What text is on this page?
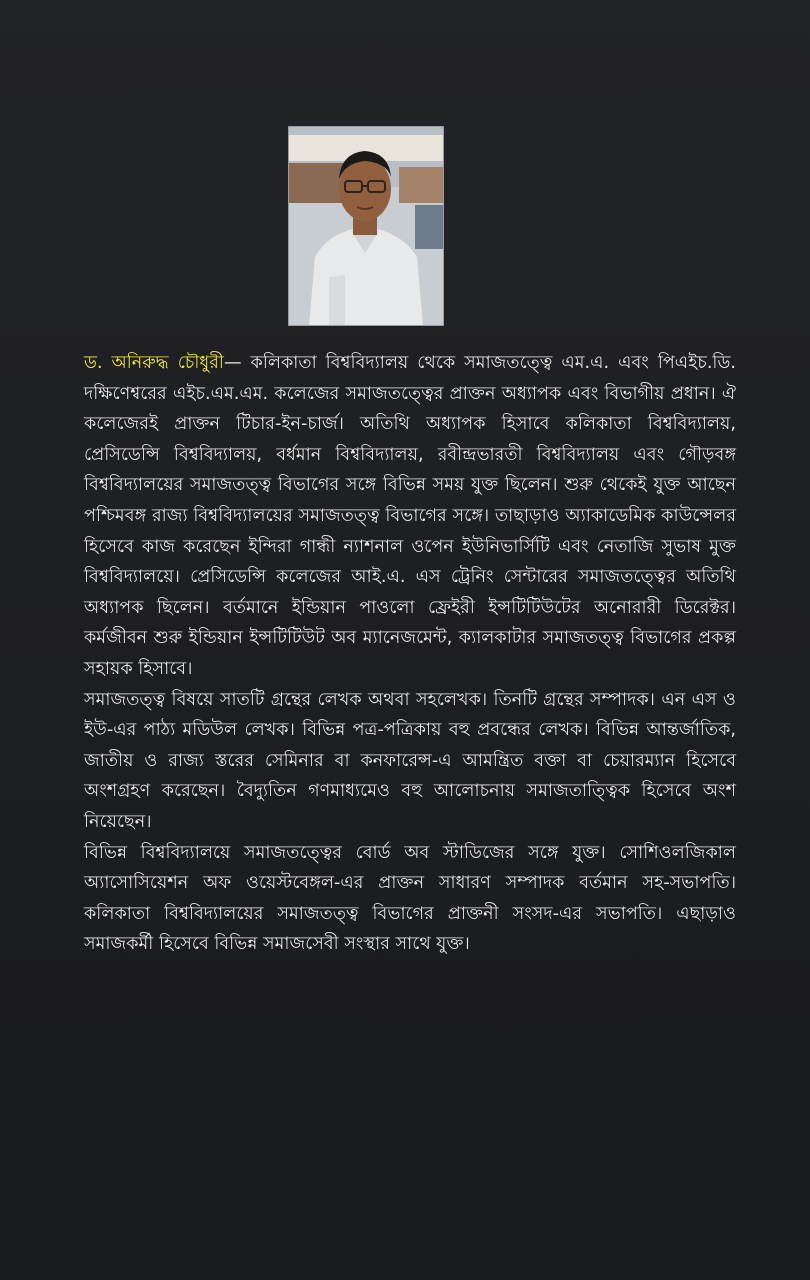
ড. অনিরুদ্ধ চৌধুরী— কলিকাতা বিশ্ববিদ্যালয় থেকে সমাজতত্ত্বে এম.এ. এবং পিএইচ.ডি. দক্ষিণেশ্বরের এইচ.এম.এম. কলেজের সমাজতত্ত্বের প্রাক্তন অধ্যাপক এবং বিভাগীয় প্রধান। ঐ কলেজেরই প্রাক্তন টিচার-ইন-চার্জ। অতিথি অধ্যাপক হিসাবে কলিকাতা বিশ্ববিদ্যালয়, প্রেসিডেন্সি বিশ্ববিদ্যালয়, বর্ধমান বিশ্ববিদ্যালয়, রবীন্দ্রভারতী বিশ্ববিদ্যালয় এবং গৌড়বঙ্গ বিশ্ববিদ্যালয়ের সমাজতত্ত্ব বিভাগের সঙ্গে বিভিন্ন সময় যুক্ত ছিলেন। শুরু থেকেই যুক্ত আছেন পশ্চিমবঙ্গ রাজ্য বিশ্ববিদ্যালয়ের সমাজতত্ত্ব বিভাগের সঙ্গে। তাছাড়াও অ্যাকাডেমিক কাউন্সেলর হিসেবে কাজ করেছেন ইন্দিরা গান্ধী ন্যাশনাল ওপেন ইউনিভার্সিটি এবং নেতাজি সুভাষ মুক্ত বিশ্ববিদ্যালয়ে। প্রেসিডেন্সি কলেজের আই.এ. এস ট্রেনিং সেন্টারের সমাজতত্ত্বের অতিথি অধ্যাপক ছিলেন। বর্তমানে ইন্ডিয়ান পাওলো ফ্রেইরী ইন্সটিটিউটের অনোরারী ডিরেক্টর। কর্মজীবন শুরু ইন্ডিয়ান ইন্সটিটিউট অব ম্যানেজমেন্ট, ক্যালকাটার সমাজতত্ত্ব বিভাগের প্রকল্প সহায়ক হিসাবে।

সমাজতত্ত্ব বিষয়ে সাতটি গ্রন্থের লেখক অথবা সহলেখক। তিনটি গ্রন্থের সম্পাদক। এন এস ও ইউ-এর পাঠ্য মডিউল লেখক। বিভিন্ন পত্র-পত্রিকায় বহু প্রবন্ধের লেখক। বিভিন্ন আন্তর্জাতিক, জাতীয় ও রাজ্য স্তরের সেমিনার বা কনফারেন্স-এ আমন্ত্রিত বক্তা বা চেয়ারম্যান হিসেবে অংশগ্রহণ করেছেন। বৈদ্যুতিন গণমাধ্যমেও বহু আলোচনায় সমাজতাত্ত্বিক হিসেবে অংশ নিয়েছেন।

বিভিন্ন বিশ্ববিদ্যালয়ে সমাজতত্ত্বের বোর্ড অব স্টাডিজের সঙ্গে যুক্ত। সোশিওলজিকাল অ্যাসোসিয়েশন অফ ওয়েস্টবেঙ্গল-এর প্রাক্তন সাধারণ সম্পাদক বর্তমান সহ-সভাপতি। কলিকাতা বিশ্ববিদ্যালয়ের সমাজতত্ত্ব বিভাগের প্রাক্তনী সংসদ-এর সভাপতি। এছাড়াও সমাজকর্মী হিসেবে বিভিন্ন সমাজসেবী সংস্থার সাথে যুক্ত।
